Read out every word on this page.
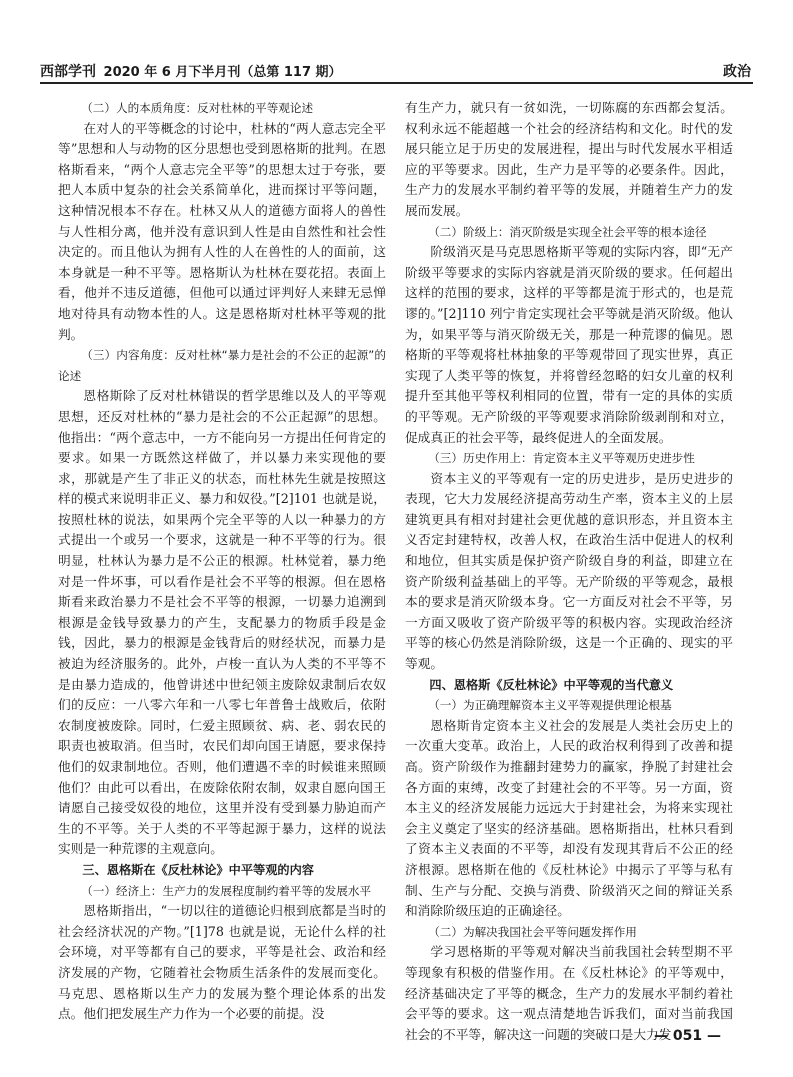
西部学刊 2020 年 6 月下半月刊（总第 117 期）	政治

（二）人的本质角度：反对杜林的平等观论述

在对人的平等概念的讨论中，杜林的“两人意志完全平等”思想和人与动物的区分思想也受到恩格斯的批判。在恩格斯看来，“两个人意志完全平等”的思想太过于夸张，要把人本质中复杂的社会关系简单化，进而探讨平等问题，这种情况根本不存在。杜林又从人的道德方面将人的兽性与人性相分离，他并没有意识到人性是由自然性和社会性决定的。而且他认为拥有人性的人在兽性的人的面前，这本身就是一种不平等。恩格斯认为杜林在耍花招。表面上看，他并不违反道德，但他可以通过评判好人来肆无忌惮地对待具有动物本性的人。这是恩格斯对杜林平等观的批判。

（三）内容角度：反对杜林“暴力是社会的不公正的起源”的论述

恩格斯除了反对杜林错误的哲学思维以及人的平等观思想，还反对杜林的“暴力是社会的不公正起源”的思想。他指出：“两个意志中，一方不能向另一方提出任何肯定的要求。如果一方既然这样做了，并以暴力来实现他的要求，那就是产生了非正义的状态，而杜林先生就是按照这样的模式来说明非正义、暴力和奴役。”[2]101 也就是说，按照杜林的说法，如果两个完全平等的人以一种暴力的方式提出一个或另一个要求，这就是一种不平等的行为。很明显，杜林认为暴力是不公正的根源。杜林觉着，暴力绝对是一件坏事，可以看作是社会不平等的根源。但在恩格斯看来政治暴力不是社会不平等的根源，一切暴力追溯到根源是金钱导致暴力的产生，支配暴力的物质手段是金钱，因此，暴力的根源是金钱背后的财经状况，而暴力是被迫为经济服务的。此外，卢梭一直认为人类的不平等不是由暴力造成的，他曾讲述中世纪领主废除奴隶制后农奴们的反应：一八零六年和一八零七年普鲁士战败后，依附农制度被废除。同时，仁爱主照顾贫、病、老、弱农民的职责也被取消。但当时，农民们却向国王请愿，要求保持他们的奴隶制地位。否则，他们遭遇不幸的时候谁来照顾他们？由此可以看出，在废除依附农制，奴隶自愿向国王请愿自己接受奴役的地位，这里并没有受到暴力胁迫而产生的不平等。关于人类的不平等起源于暴力，这样的说法实则是一种荒谬的主观意向。

三、恩格斯在《反杜林论》中平等观的内容

（一）经济上：生产力的发展程度制约着平等的发展水平

恩格斯指出，“一切以往的道德论归根到底都是当时的社会经济状况的产物。”[1]78 也就是说，无论什么样的社会环境，对平等都有自己的要求，平等是社会、政治和经济发展的产物，它随着社会物质生活条件的发展而变化。马克思、恩格斯以生产力的发展为整个理论体系的出发点。他们把发展生产力作为一个必要的前提。没

有生产力，就只有一贫如洗，一切陈腐的东西都会复活。权利永远不能超越一个社会的经济结构和文化。时代的发展只能立足于历史的发展进程，提出与时代发展水平相适应的平等要求。因此，生产力是平等的必要条件。因此，生产力的发展水平制约着平等的发展，并随着生产力的发展而发展。

（二）阶级上：消灭阶级是实现全社会平等的根本途径

阶级消灭是马克思恩格斯平等观的实际内容，即“无产阶级平等要求的实际内容就是消灭阶级的要求。任何超出这样的范围的要求，这样的平等都是流于形式的，也是荒谬的。”[2]110 列宁肯定实现社会平等就是消灭阶级。他认为，如果平等与消灭阶级无关，那是一种荒谬的偏见。恩格斯的平等观将杜林抽象的平等观带回了现实世界，真正实现了人类平等的恢复，并将曾经忽略的妇女儿童的权利提升至其他平等权利相同的位置，带有一定的具体的实质的平等观。无产阶级的平等观要求消除阶级剥削和对立，促成真正的社会平等，最终促进人的全面发展。

（三）历史作用上：肯定资本主义平等观历史进步性

资本主义的平等观有一定的历史进步，是历史进步的表现，它大力发展经济提高劳动生产率，资本主义的上层建筑更具有相对封建社会更优越的意识形态，并且资本主义否定封建特权，改善人权，在政治生活中促进人的权利和地位，但其实质是保护资产阶级自身的利益，即建立在资产阶级利益基础上的平等。无产阶级的平等观念，最根本的要求是消灭阶级本身。它一方面反对社会不平等，另一方面又吸收了资产阶级平等的积极内容。实现政治经济平等的核心仍然是消除阶级，这是一个正确的、现实的平等观。

四、恩格斯《反杜林论》中平等观的当代意义

（一）为正确理解资本主义平等观提供理论根基

恩格斯肯定资本主义社会的发展是人类社会历史上的一次重大变革。政治上，人民的政治权利得到了改善和提高。资产阶级作为推翻封建势力的赢家，挣脱了封建社会各方面的束缚，改变了封建社会的不平等。另一方面，资本主义的经济发展能力远远大于封建社会，为将来实现社会主义奠定了坚实的经济基础。恩格斯指出，杜林只看到了资本主义表面的不平等，却没有发现其背后不公正的经济根源。恩格斯在他的《反杜林论》中揭示了平等与私有制、生产与分配、交换与消费、阶级消灭之间的辩证关系和消除阶级压迫的正确途径。

（二）为解决我国社会平等问题发挥作用

学习恩格斯的平等观对解决当前我国社会转型期不平等现象有积极的借鉴作用。在《反杜林论》的平等观中，经济基础决定了平等的概念，生产力的发展水平制约着社会平等的要求。这一观点清楚地告诉我们，面对当前我国社会的不平等，解决这一问题的突破口是大力发

— 051 —
